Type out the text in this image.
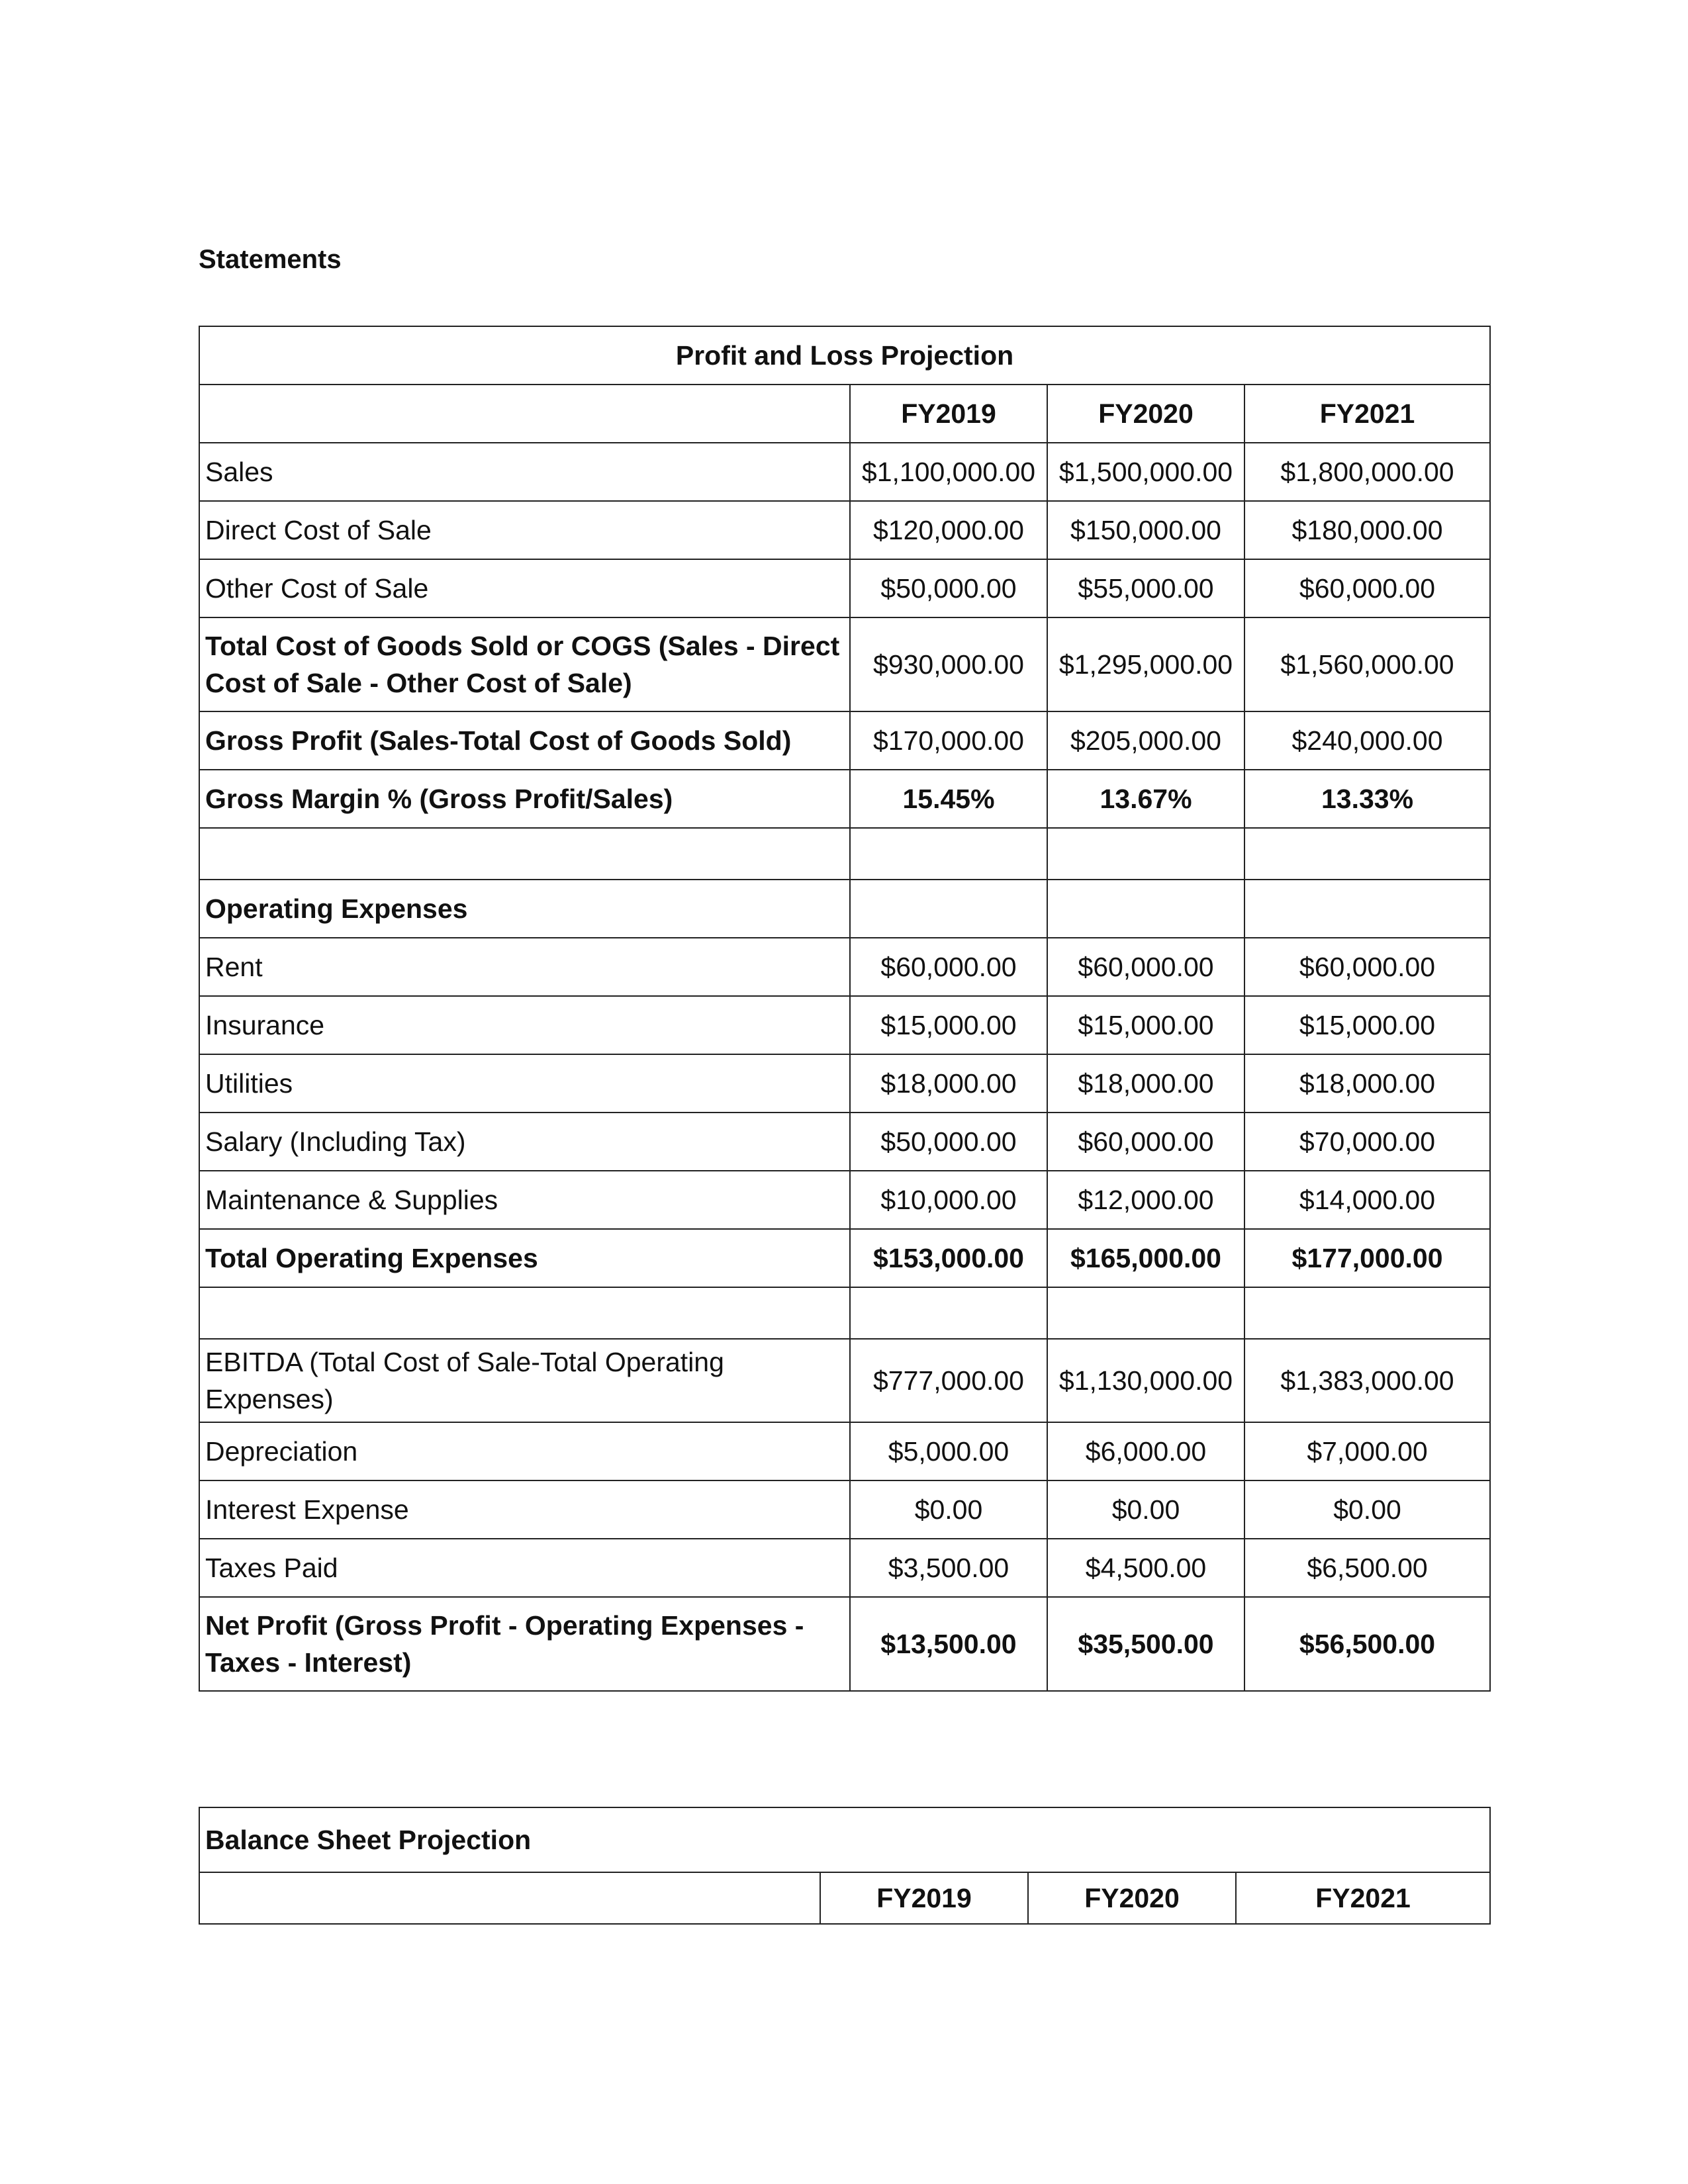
Statements
Profit and Loss Projection			
	FY2019	FY2020	FY2021
Sales	$1,100,000.00	$1,500,000.00	$1,800,000.00
Direct Cost of Sale	$120,000.00	$150,000.00	$180,000.00
Other Cost of Sale	$50,000.00	$55,000.00	$60,000.00
Total Cost of Goods Sold or COGS (Sales - Direct Cost of Sale - Other Cost of Sale)	$930,000.00	$1,295,000.00	$1,560,000.00
Gross Profit (Sales-Total Cost of Goods Sold)	$170,000.00	$205,000.00	$240,000.00
Gross Margin % (Gross Profit/Sales)	15.45%	13.67%	13.33%

Operating Expenses			
Rent	$60,000.00	$60,000.00	$60,000.00
Insurance	$15,000.00	$15,000.00	$15,000.00
Utilities	$18,000.00	$18,000.00	$18,000.00
Salary (Including Tax)	$50,000.00	$60,000.00	$70,000.00
Maintenance & Supplies	$10,000.00	$12,000.00	$14,000.00
Total Operating Expenses	$153,000.00	$165,000.00	$177,000.00

EBITDA (Total Cost of Sale-Total Operating Expenses)	$777,000.00	$1,130,000.00	$1,383,000.00
Depreciation	$5,000.00	$6,000.00	$7,000.00
Interest Expense	$0.00	$0.00	$0.00
Taxes Paid	$3,500.00	$4,500.00	$6,500.00
Net Profit (Gross Profit - Operating Expenses - Taxes - Interest)	$13,500.00	$35,500.00	$56,500.00
Balance Sheet Projection
	FY2019	FY2020	FY2021
